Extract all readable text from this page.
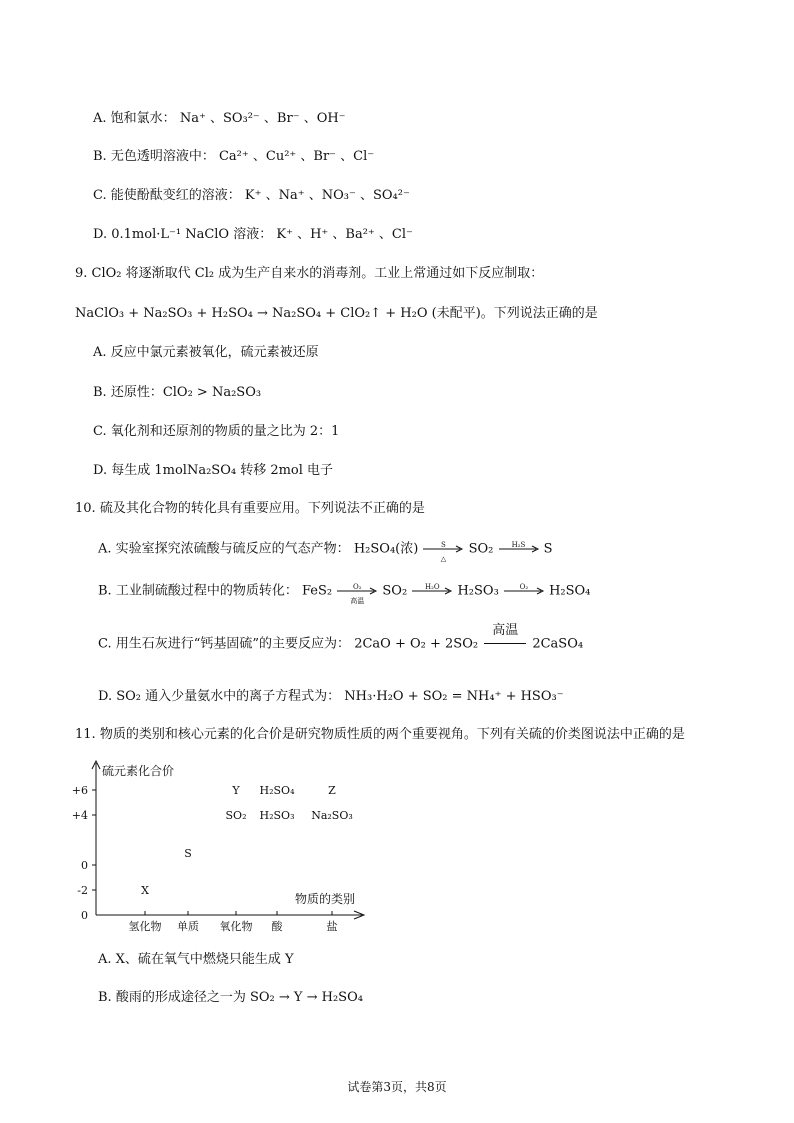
A. 饱和氯水： Na⁺ 、SO₃²⁻ 、Br⁻ 、OH⁻
B. 无色透明溶液中： Ca²⁺ 、Cu²⁺ 、Br⁻ 、Cl⁻
C. 能使酚酞变红的溶液： K⁺ 、Na⁺ 、NO₃⁻ 、SO₄²⁻
D. 0.1mol·L⁻¹ NaClO 溶液： K⁺ 、H⁺ 、Ba²⁺ 、Cl⁻
9. ClO₂ 将逐渐取代 Cl₂ 成为生产自来水的消毒剂。工业上常通过如下反应制取：
NaClO₃ + Na₂SO₃ + H₂SO₄ → Na₂SO₄ + ClO₂↑ + H₂O (未配平)。下列说法正确的是
A. 反应中氯元素被氧化，硫元素被还原
B. 还原性：ClO₂ > Na₂SO₃
C. 氧化剂和还原剂的物质的量之比为 2：1
D. 每生成 1molNa₂SO₄ 转移 2mol 电子
10. 硫及其化合物的转化具有重要应用。下列说法不正确的是
A. 实验室探究浓硫酸与硫反应的气态产物： H₂SO₄(浓)	S
△
SO₂	H₂S	S
B. 工业制硫酸过程中的物质转化： FeS₂	O₂
高温
SO₂	H₂O	H₂SO₃	O₂	H₂SO₄
C. 用生石灰进行“钙基固硫”的主要反应为： 2CaO + O₂ + 2SO₂
高温
2CaSO₄
D. SO₂ 通入少量氨水中的离子方程式为： NH₃·H₂O + SO₂ = NH₄⁺ + HSO₃⁻
11. 物质的类别和核心元素的化合价是研究物质性质的两个重要视角。下列有关硫的价类图说法中正确的是
硫元素化合价
物质的类别
+6
+4
0
-2
0
氢化物 单质 氧化物 酸	盐
X
S
Y
SO₂
H₂SO₄
H₂SO₃
Z
Na₂SO₃
A. X、硫在氧气中燃烧只能生成 Y
B. 酸雨的形成途径之一为 SO₂ → Y → H₂SO₄
试卷第3页，共8页
